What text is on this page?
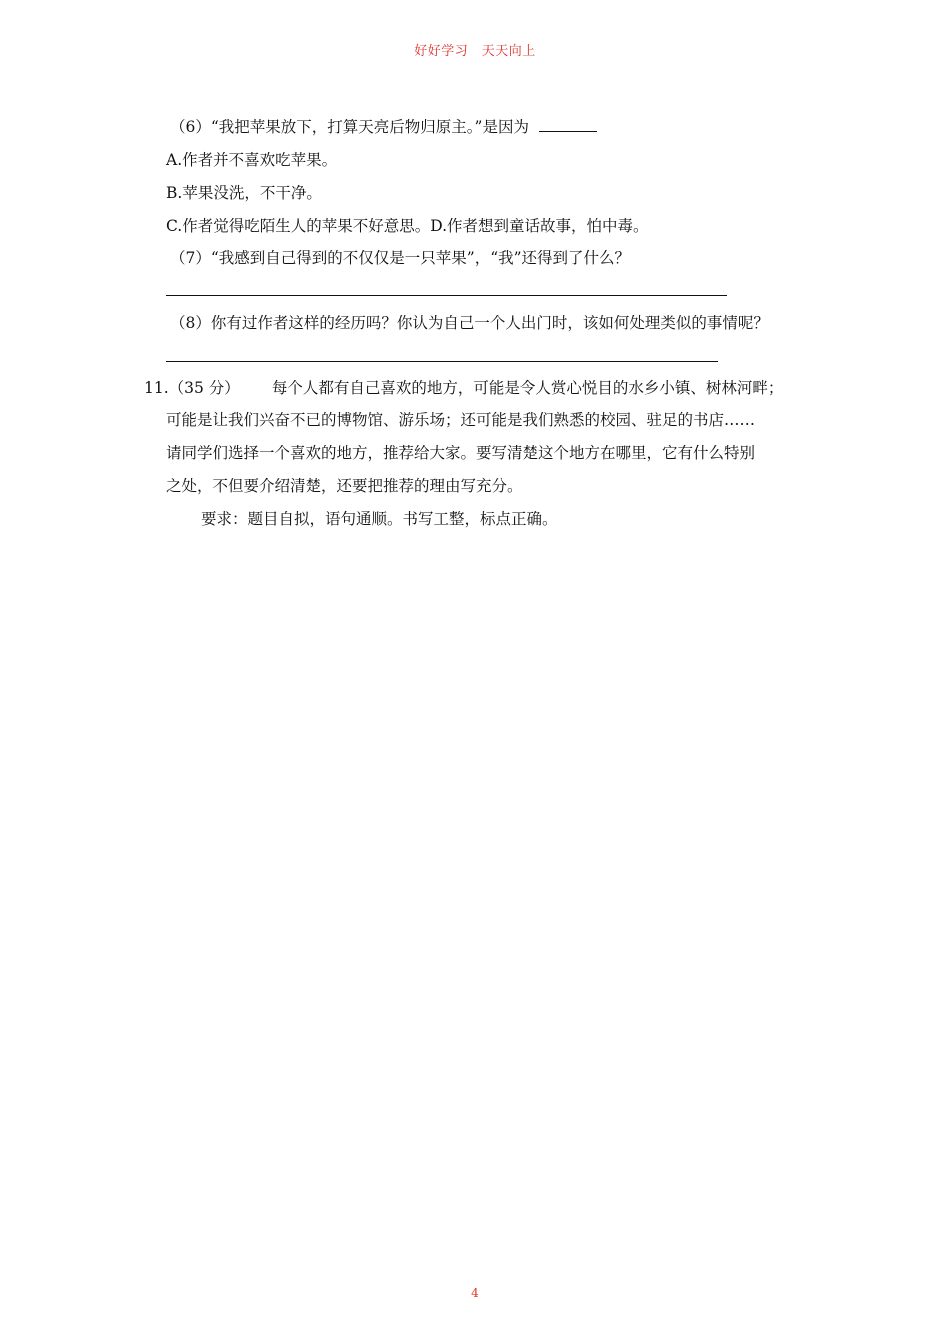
好好学习　天天向上
（6）“我把苹果放下，打算天亮后物归原主。”是因为
A.作者并不喜欢吃苹果。
B.苹果没洗，不干净。
C.作者觉得吃陌生人的苹果不好意思。D.作者想到童话故事，怕中毒。
（7）“我感到自己得到的不仅仅是一只苹果”，“我”还得到了什么？
（8）你有过作者这样的经历吗？你认为自己一个人出门时，该如何处理类似的事情呢？
11.（35 分） 每个人都有自己喜欢的地方，可能是令人赏心悦目的水乡小镇、树林河畔；
可能是让我们兴奋不已的博物馆、游乐场；还可能是我们熟悉的校园、驻足的书店……
请同学们选择一个喜欢的地方，推荐给大家。要写清楚这个地方在哪里，它有什么特别
之处，不但要介绍清楚，还要把推荐的理由写充分。
要求：题目自拟，语句通顺。书写工整，标点正确。
4
